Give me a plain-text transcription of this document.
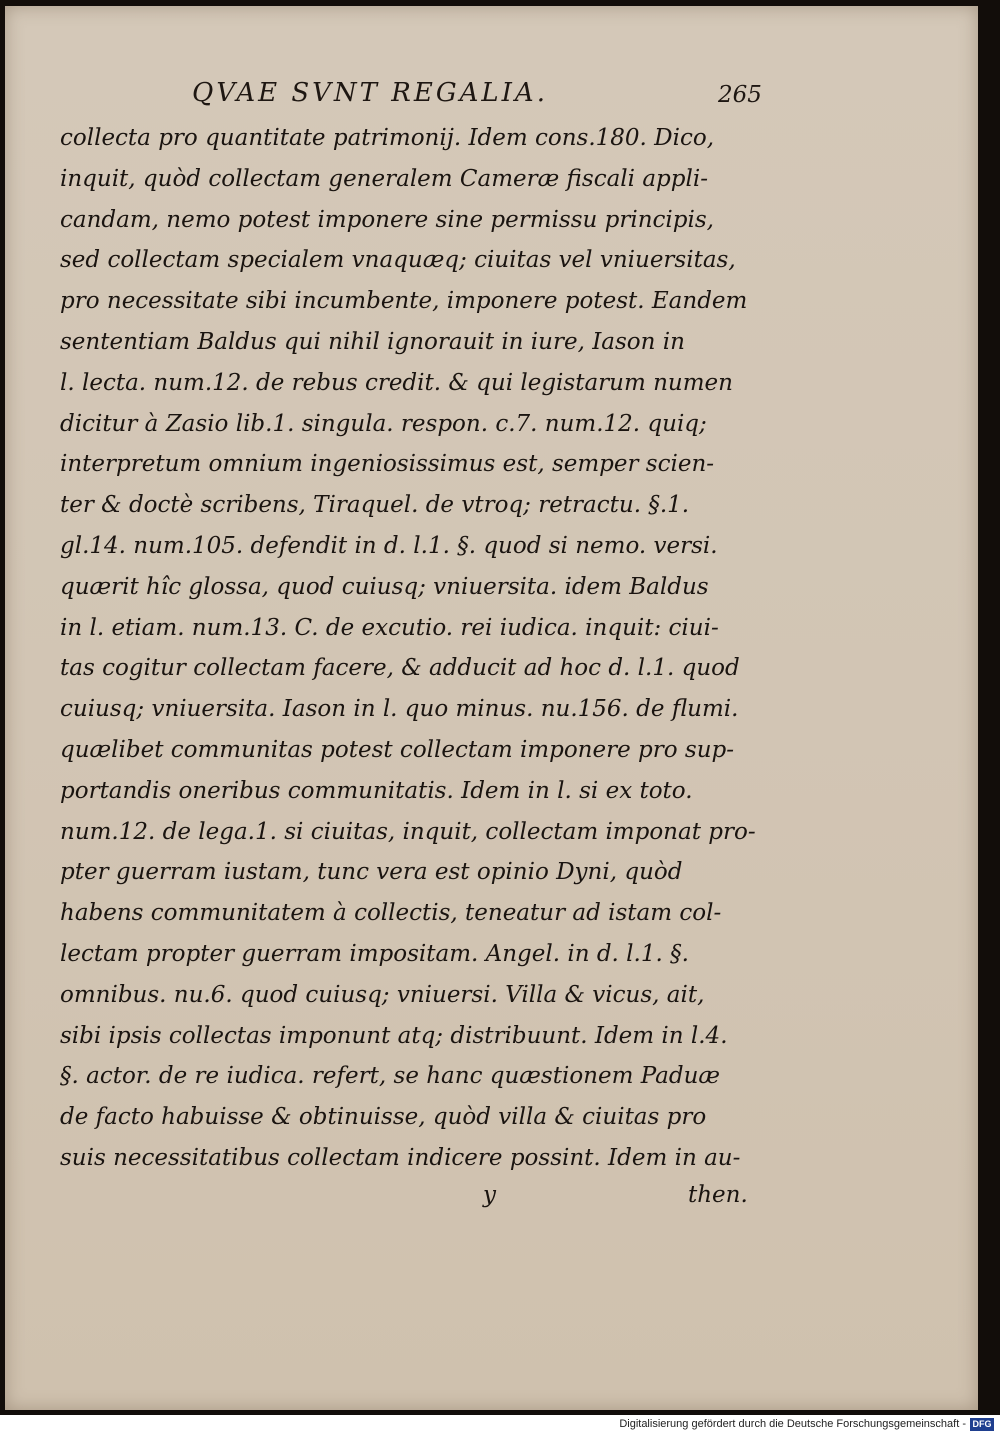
QVAE SVNT REGALIA.	265
collecta pro quantitate patrimonij. Idem cons.180. Dico,
inquit, quòd collectam generalem Cameræ fiscali appli-
candam, nemo potest imponere sine permissu principis,
sed collectam specialem vnaquæq; ciuitas vel vniuersitas,
pro necessitate sibi incumbente, imponere potest. Eandem
sententiam Baldus qui nihil ignorauit in iure, Iason in
l. lecta. num.12. de rebus credit. & qui legistarum numen
dicitur à Zasio lib.1. singula. respon. c.7. num.12. quiq;
interpretum omnium ingeniosissimus est, semper scien-
ter & doctè scribens, Tiraquel. de vtroq; retractu. §.1.
gl.14. num.105. defendit in d. l.1. §. quod si nemo. versi.
quærit hîc glossa, quod cuiusq; vniuersita. idem Baldus
in l. etiam. num.13. C. de excutio. rei iudica. inquit: ciui-
tas cogitur collectam facere, & adducit ad hoc d. l.1. quod
cuiusq; vniuersita. Iason in l. quo minus. nu.156. de flumi.
quælibet communitas potest collectam imponere pro sup-
portandis oneribus communitatis. Idem in l. si ex toto.
num.12. de lega.1. si ciuitas, inquit, collectam imponat pro-
pter guerram iustam, tunc vera est opinio Dyni, quòd
habens communitatem à collectis, teneatur ad istam col-
lectam propter guerram impositam. Angel. in d. l.1. §.
omnibus. nu.6. quod cuiusq; vniuersi. Villa & vicus, ait,
sibi ipsis collectas imponunt atq; distribuunt. Idem in l.4.
§. actor. de re iudica. refert, se hanc quæstionem Paduæ
de facto habuisse & obtinuisse, quòd villa & ciuitas pro
suis necessitatibus collectam indicere possint. Idem in au-
y	then.
Digitalisierung gefördert durch die Deutsche Forschungsgemeinschaft - DFG
